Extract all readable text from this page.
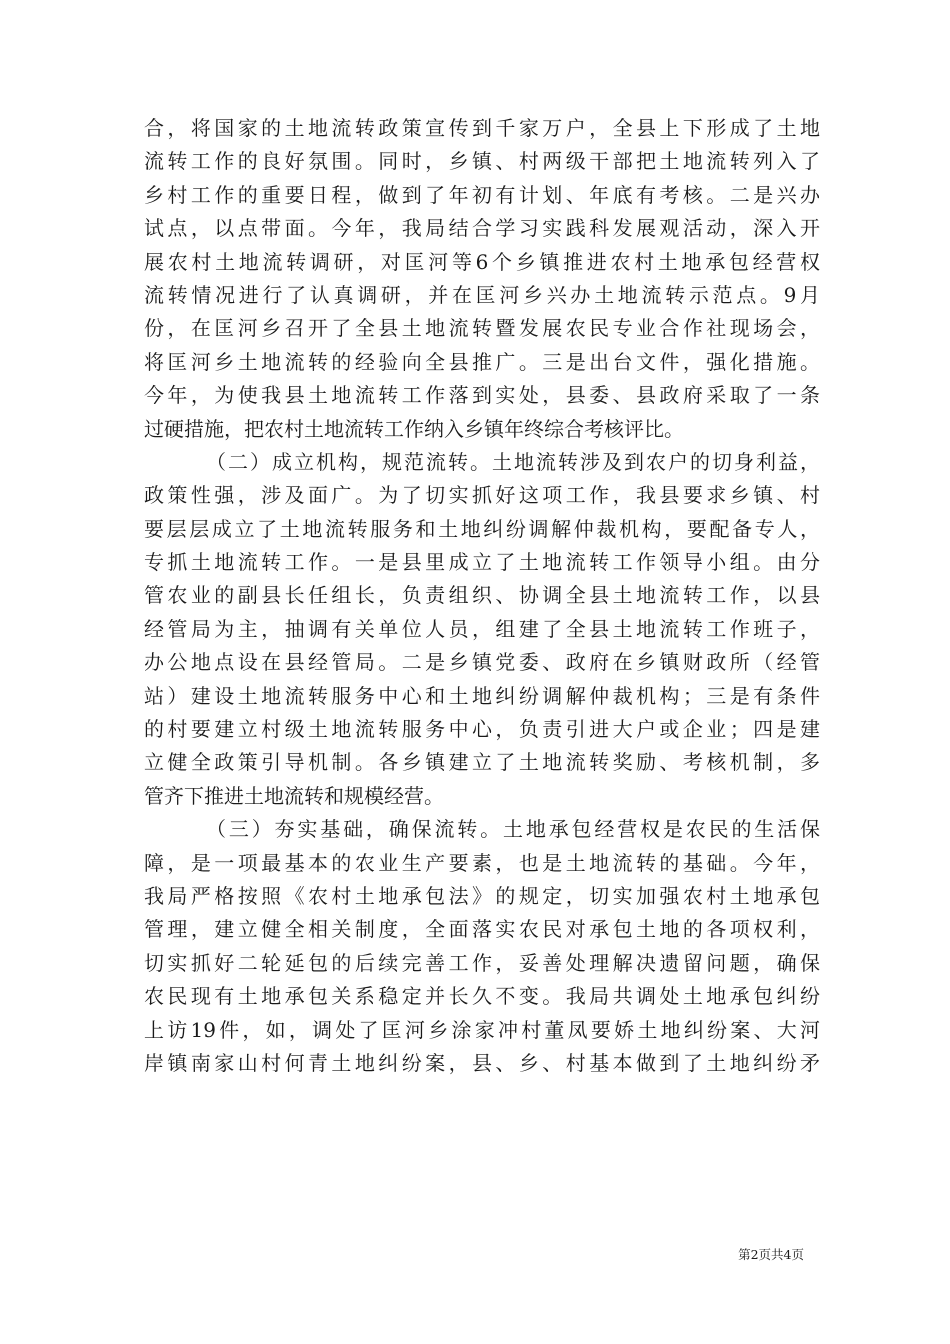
合，将国家的土地流转政策宣传到千家万户，全县上下形成了土地
流转工作的良好氛围。同时，乡镇、村两级干部把土地流转列入了
乡村工作的重要日程，做到了年初有计划、年底有考核。二是兴办
试点，以点带面。今年，我局结合学习实践科发展观活动，深入开
展农村土地流转调研，对匡河等6个乡镇推进农村土地承包经营权
流转情况进行了认真调研，并在匡河乡兴办土地流转示范点。9月
份，在匡河乡召开了全县土地流转暨发展农民专业合作社现场会，
将匡河乡土地流转的经验向全县推广。三是出台文件，强化措施。
今年，为使我县土地流转工作落到实处，县委、县政府采取了一条
过硬措施，把农村土地流转工作纳入乡镇年终综合考核评比。
（二）成立机构，规范流转。土地流转涉及到农户的切身利益，
政策性强，涉及面广。为了切实抓好这项工作，我县要求乡镇、村
要层层成立了土地流转服务和土地纠纷调解仲裁机构，要配备专人，
专抓土地流转工作。一是县里成立了土地流转工作领导小组。由分
管农业的副县长任组长，负责组织、协调全县土地流转工作，以县
经管局为主，抽调有关单位人员，组建了全县土地流转工作班子，
办公地点设在县经管局。二是乡镇党委、政府在乡镇财政所（经管
站）建设土地流转服务中心和土地纠纷调解仲裁机构；三是有条件
的村要建立村级土地流转服务中心，负责引进大户或企业；四是建
立健全政策引导机制。各乡镇建立了土地流转奖励、考核机制，多
管齐下推进土地流转和规模经营。
（三）夯实基础，确保流转。土地承包经营权是农民的生活保
障，是一项最基本的农业生产要素，也是土地流转的基础。今年，
我局严格按照《农村土地承包法》的规定，切实加强农村土地承包
管理，建立健全相关制度，全面落实农民对承包土地的各项权利，
切实抓好二轮延包的后续完善工作，妥善处理解决遗留问题，确保
农民现有土地承包关系稳定并长久不变。我局共调处土地承包纠纷
上访19件，如，调处了匡河乡涂家冲村董凤要娇土地纠纷案、大河
岸镇南家山村何青土地纠纷案，县、乡、村基本做到了土地纠纷矛
第2页共4页
